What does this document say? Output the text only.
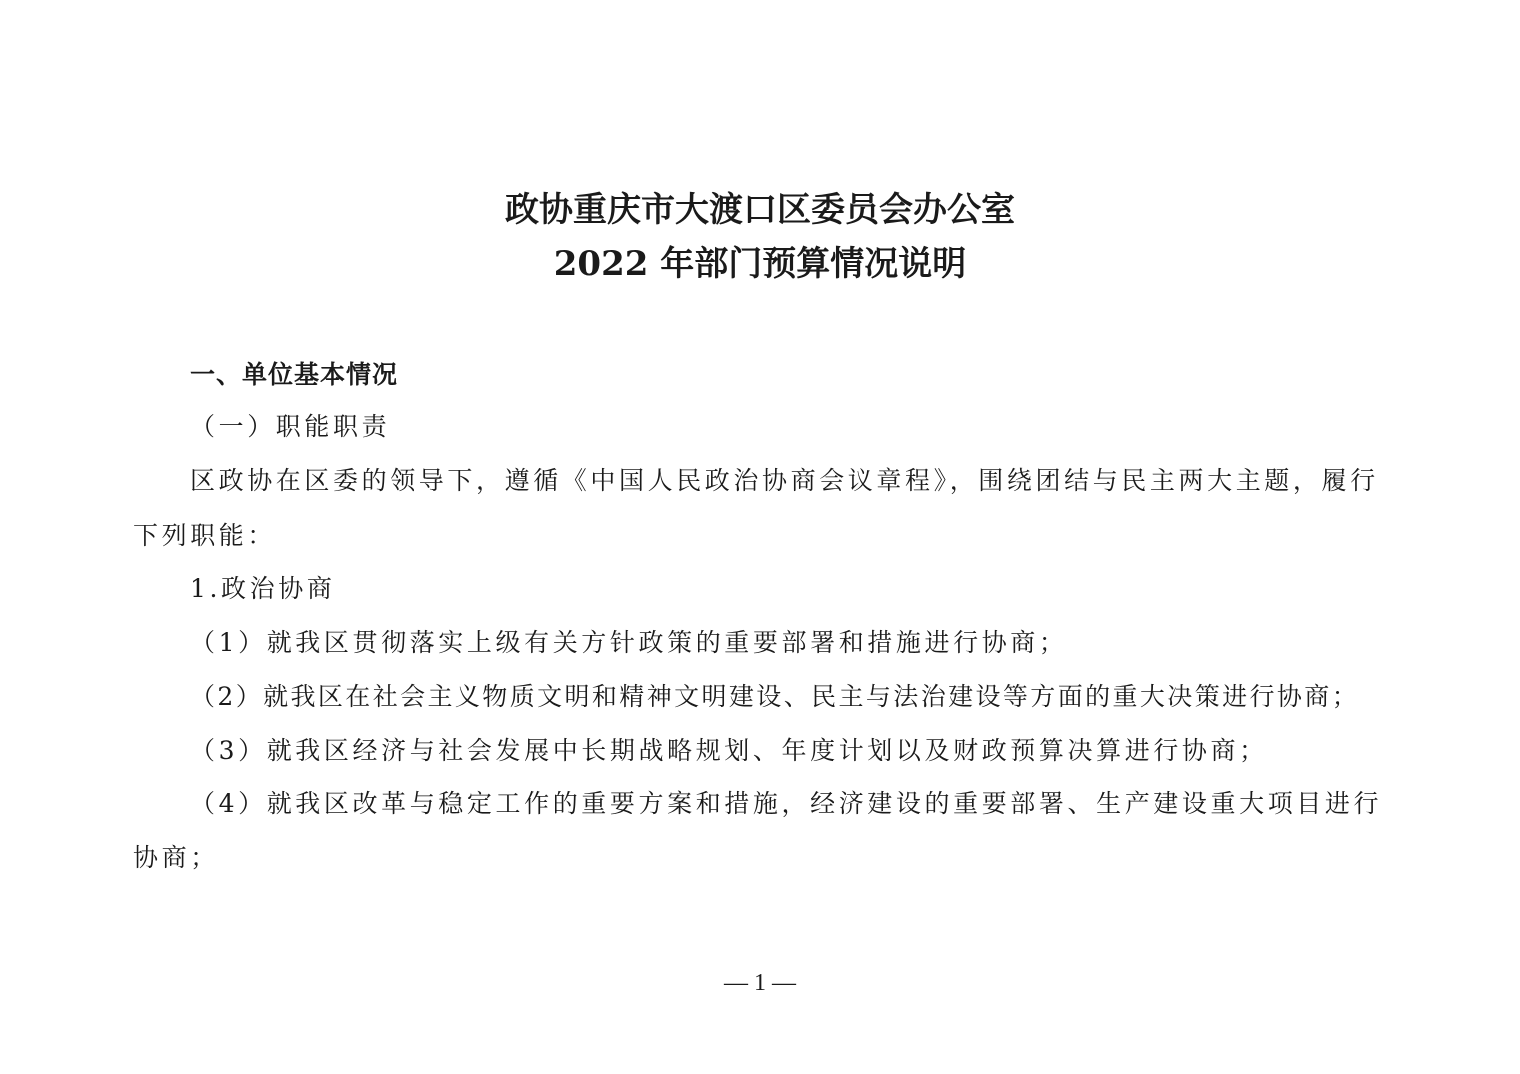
政协重庆市大渡口区委员会办公室
2022 年部门预算情况说明
一、单位基本情况
（一）职能职责
区政协在区委的领导下，遵循《中国人民政治协商会议章程》，围绕团结与民主两大主题，履行
下列职能：
1.政治协商
（1）就我区贯彻落实上级有关方针政策的重要部署和措施进行协商；
（2）就我区在社会主义物质文明和精神文明建设、民主与法治建设等方面的重大决策进行协商；
（3）就我区经济与社会发展中长期战略规划、年度计划以及财政预算决算进行协商；
（4）就我区改革与稳定工作的重要方案和措施，经济建设的重要部署、生产建设重大项目进行
协商；
— 1 —
